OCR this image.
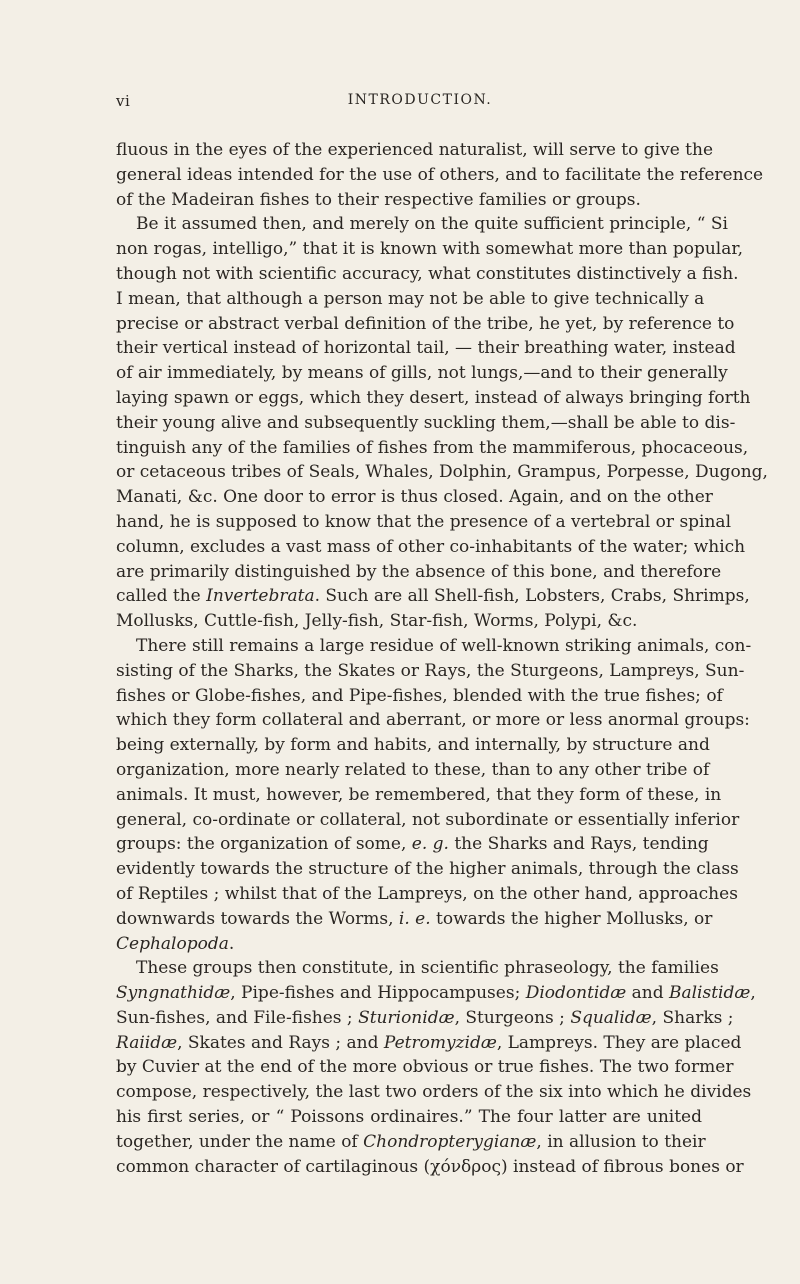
vi	INTRODUCTION.
fluous in the eyes of the experienced naturalist, will serve to give the
general ideas intended for the use of others, and to facilitate the reference
of the Madeiran fishes to their respective families or groups.
Be it assumed then, and merely on the quite sufficient principle, “ Si
non rogas, intelligo,” that it is known with somewhat more than popular,
though not with scientific accuracy, what constitutes distinctively a fish.
I mean, that although a person may not be able to give technically a
precise or abstract verbal definition of the tribe, he yet, by reference to
their vertical instead of horizontal tail, — their breathing water, instead
of air immediately, by means of gills, not lungs,—and to their generally
laying spawn or eggs, which they desert, instead of always bringing forth
their young alive and subsequently suckling them,—shall be able to dis-
tinguish any of the families of fishes from the mammiferous, phocaceous,
or cetaceous tribes of Seals, Whales, Dolphin, Grampus, Porpesse, Dugong,
Manati, &c. One door to error is thus closed. Again, and on the other
hand, he is supposed to know that the presence of a vertebral or spinal
column, excludes a vast mass of other co-inhabitants of the water; which
are primarily distinguished by the absence of this bone, and therefore
called the Invertebrata. Such are all Shell-fish, Lobsters, Crabs, Shrimps,
Mollusks, Cuttle-fish, Jelly-fish, Star-fish, Worms, Polypi, &c.
There still remains a large residue of well-known striking animals, con-
sisting of the Sharks, the Skates or Rays, the Sturgeons, Lampreys, Sun-
fishes or Globe-fishes, and Pipe-fishes, blended with the true fishes; of
which they form collateral and aberrant, or more or less anormal groups:
being externally, by form and habits, and internally, by structure and
organization, more nearly related to these, than to any other tribe of
animals. It must, however, be remembered, that they form of these, in
general, co-ordinate or collateral, not subordinate or essentially inferior
groups: the organization of some, e. g. the Sharks and Rays, tending
evidently towards the structure of the higher animals, through the class
of Reptiles ; whilst that of the Lampreys, on the other hand, approaches
downwards towards the Worms, i. e. towards the higher Mollusks, or
Cephalopoda.
These groups then constitute, in scientific phraseology, the families
Syngnathidæ, Pipe-fishes and Hippocampuses; Diodontidæ and Balistidæ,
Sun-fishes, and File-fishes ; Sturionidæ, Sturgeons ; Squalidæ, Sharks ;
Raiidæ, Skates and Rays ; and Petromyzidæ, Lampreys. They are placed
by Cuvier at the end of the more obvious or true fishes. The two former
compose, respectively, the last two orders of the six into which he divides
his first series, or “ Poissons ordinaires.” The four latter are united
together, under the name of Chondropterygianæ, in allusion to their
common character of cartilaginous (χόνδρος) instead of fibrous bones or
